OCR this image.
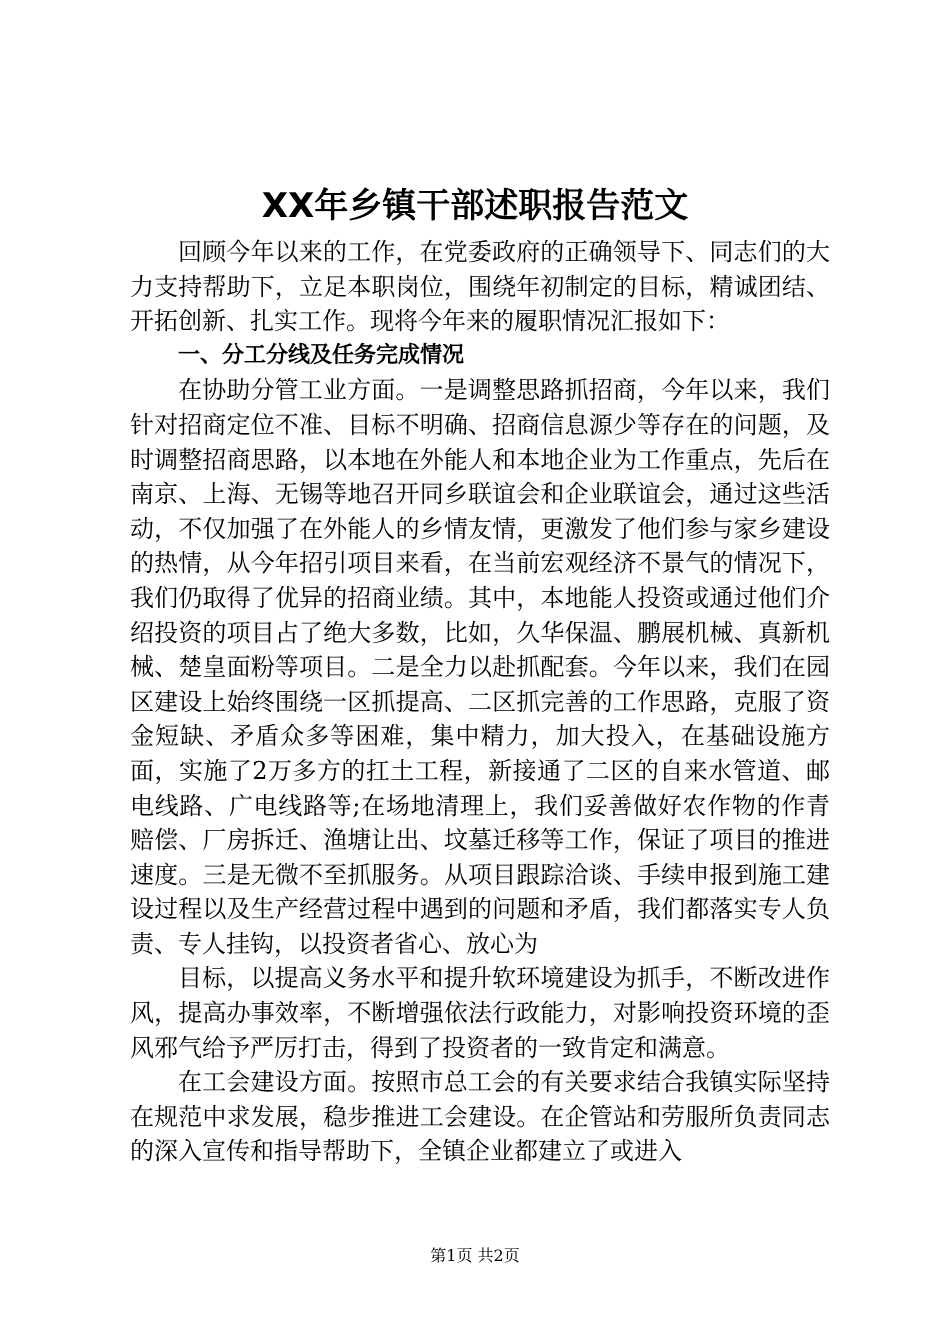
XX年乡镇干部述职报告范文

回顾今年以来的工作，在党委政府的正确领导下、同志们的大力支持帮助下，立足本职岗位，围绕年初制定的目标，精诚团结、开拓创新、扎实工作。现将今年来的履职情况汇报如下：

一、分工分线及任务完成情况

在协助分管工业方面。一是调整思路抓招商，今年以来，我们针对招商定位不准、目标不明确、招商信息源少等存在的问题，及时调整招商思路，以本地在外能人和本地企业为工作重点，先后在南京、上海、无锡等地召开同乡联谊会和企业联谊会，通过这些活动，不仅加强了在外能人的乡情友情，更激发了他们参与家乡建设的热情，从今年招引项目来看，在当前宏观经济不景气的情况下，我们仍取得了优异的招商业绩。其中，本地能人投资或通过他们介绍投资的项目占了绝大多数，比如，久华保温、鹏展机械、真新机械、楚皇面粉等项目。二是全力以赴抓配套。今年以来，我们在园区建设上始终围绕一区抓提高、二区抓完善的工作思路，克服了资金短缺、矛盾众多等困难，集中精力，加大投入，在基础设施方面，实施了2万多方的扛土工程，新接通了二区的自来水管道、邮电线路、广电线路等;在场地清理上，我们妥善做好农作物的作青赔偿、厂房拆迁、渔塘让出、坟墓迁移等工作，保证了项目的推进速度。三是无微不至抓服务。从项目跟踪洽谈、手续申报到施工建设过程以及生产经营过程中遇到的问题和矛盾，我们都落实专人负责、专人挂钩，以投资者省心、放心为

目标，以提高义务水平和提升软环境建设为抓手，不断改进作风，提高办事效率，不断增强依法行政能力，对影响投资环境的歪风邪气给予严厉打击，得到了投资者的一致肯定和满意。

在工会建设方面。按照市总工会的有关要求结合我镇实际坚持在规范中求发展，稳步推进工会建设。在企管站和劳服所负责同志的深入宣传和指导帮助下，全镇企业都建立了或进入

第1页 共2页
